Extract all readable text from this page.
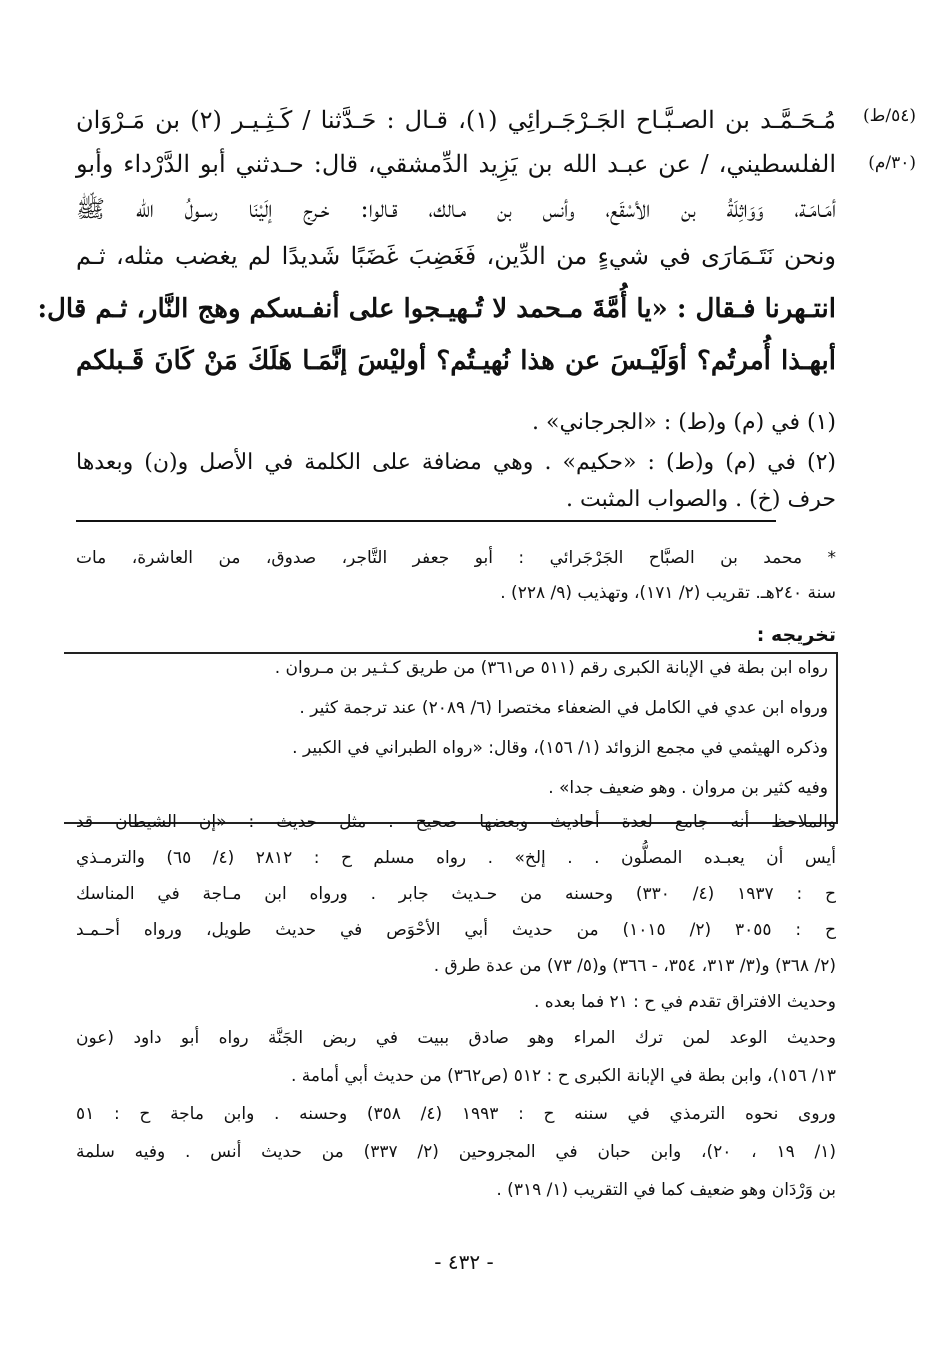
(٥٤/ط)
(٣٠/م)
مُـحَـمَّـد بن الصـبَّـاح الجَـرْجَـرائِي (١)، قـال : حَـدَّثنا / كَـثِـيـر (٢) بن مَـرْوَان
الفلسطيني، / عن عبـد الله بن يَزِيد الدِّمشقي، قال: حـدثني أبو الدَّرْداء وأبو
أمَـامَـة، وَوَاثِلَةُ بن الأسْقَع، وأنس بن مـالك، قـالوا: خـرج إلَيْنَا رسـولُ الله ﷺ
ونحن نَتَـمَارَى في شيءٍ من الدِّين، فَغَضِبَ غَضَبًا شَديدًا لم يغضب مثله، ثـم
انتـهرنا فـقال : «يا أُمَّةَ مـحمد لا تُـهيـجوا على أنفـسكم وهج النَّار، ثـم قال:
أبهـذا أُمرتُم؟ أوَلَيْـسَ عن هذا نُهيـتُم؟ أوليْسَ إنَّمَـا هَلَكَ مَنْ كَانَ قَـبلكم
(١) في (م) و(ط) : «الجرجاني» .
(٢) في (م) و(ط) : «حكيم» . وهي مضافة على الكلمة في الأصل و(ن) وبعدها
حرف (خ) . والصواب المثبت .
* محمد بن الصبَّاح الجَرْجَرائي : أبو جعفر التَّاجر، صدوق، من العاشرة، مات
سنة ٢٤٠هـ. تقريب (٢/ ١٧١)، وتهذيب (٩/ ٢٢٨) .
تخريجه :
رواه ابن بطة في الإبانة الكبرى رقم (٥١١ ص٣٦١) من طريق كـثـير بن مـروان .
ورواه ابن عدي في الكامل في الضعفاء مختصرا (٦/ ٢٠٨٩) عند ترجمة كثير .
وذكره الهيثمي في مجمع الزوائد (١/ ١٥٦)، وقال: «رواه الطبراني في الكبير .
وفيه كثير بن مروان . وهو ضعيف جدا» .
والملاحظ أنه جامع لعدة أحاديث وبعضها صحيح . مثل حديث : «إن الشيطان قد
أيس أن يعبـده المصلُّون . . إلخ» . رواه مسلم ح : ٢٨١٢ (٤/ ٦٥) والترمـذي
ح : ١٩٣٧ (٤/ ٣٣٠) وحسنه من حـديث جابر . ورواه ابن مـاجة في المناسك
ح : ٣٠٥٥ (٢/ ١٠١٥) من حديث أبي الأحْوَص في حديث طويل، ورواه أحـمـد
(٢/ ٣٦٨) و(٣/ ٣١٣، ٣٥٤، - ٣٦٦) و(٥/ ٧٣) من عدة طرق .
وحديث الافتراق تقدم في ح : ٢١ فما بعده .
وحديث الوعد لمن ترك المراء وهو صادق ببيت في ربض الجَنَّة رواه أبو داود (عون
١٣/ ١٥٦)، وابن بطة في الإبانة الكبرى ح : ٥١٢ (ص٣٦٢) من حديث أبي أمامة .
وروى نحوه الترمذي في سننه ح : ١٩٩٣ (٤/ ٣٥٨) وحسنه . وابن ماجة ح : ٥١
(١/ ١٩ ، ٢٠)، وابن حبان في المجروحين (٢/ ٣٣٧) من حديث أنس . وفيه سلمة
بن وَرْدَان وهو ضعيف كما في التقريب (١/ ٣١٩) .
- ٤٣٢ -
